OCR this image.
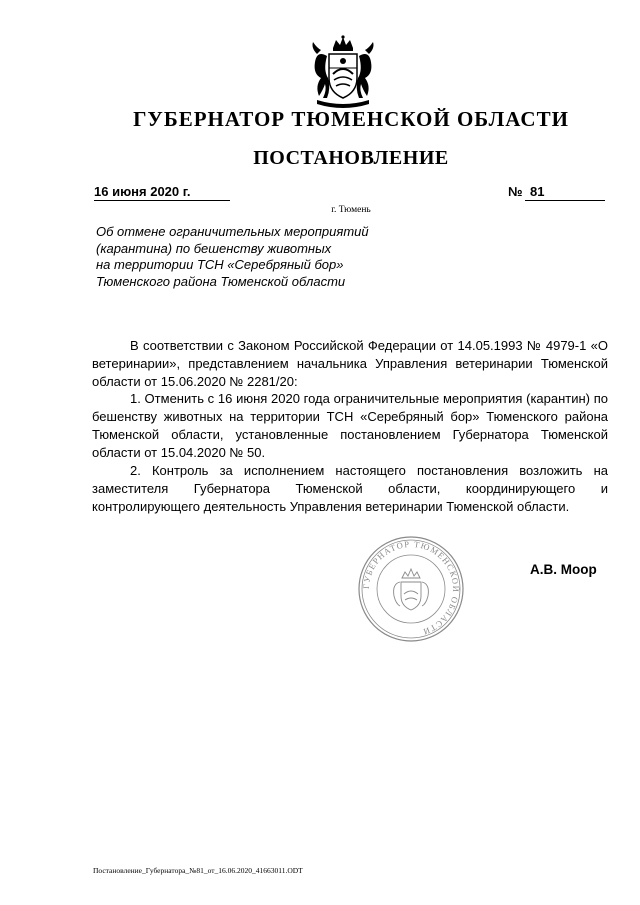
ГУБЕРНАТОР ТЮМЕНСКОЙ ОБЛАСТИ
ПОСТАНОВЛЕНИЕ
16 июня 2020 г.	№ 81
г. Тюмень
Об отмене ограничительных мероприятий
(карантина) по бешенству животных
на территории ТСН «Серебряный бор»
Тюменского района Тюменской области
В соответствии с Законом Российской Федерации от 14.05.1993 № 4979-1 «О ветеринарии», представлением начальника Управления ветеринарии Тюменской области от 15.06.2020 № 2281/20:
1. Отменить с 16 июня 2020 года ограничительные мероприятия (карантин) по бешенству животных на территории ТСН «Серебряный бор» Тюменского района Тюменской области, установленные постановлением Губернатора Тюменской области от 15.04.2020 № 50.
2. Контроль за исполнением настоящего постановления возложить на заместителя Губернатора Тюменской области, координирующего и контролирующего деятельность Управления ветеринарии Тюменской области.
ГУБЕРНАТОР ТЮМЕНСКОЙ ОБЛАСТИ
А.В. Моор
Постановление_Губернатора_№81_от_16.06.2020_41663011.ODT
